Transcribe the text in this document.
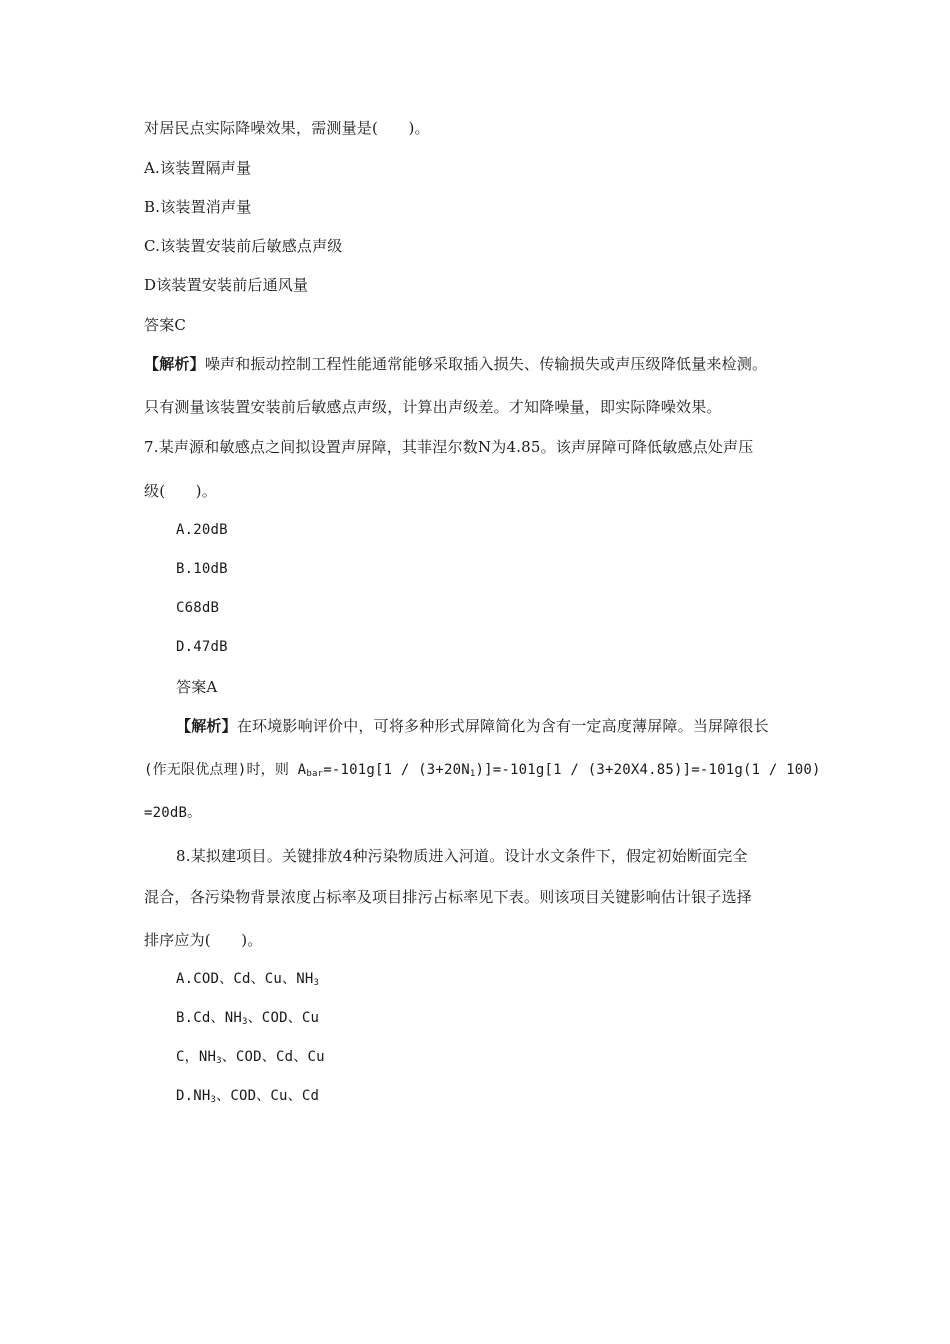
对居民点实际降噪效果，需测量是(　　)。
A.该装置隔声量
B.该装置消声量
C.该装置安装前后敏感点声级
D该装置安装前后通风量
答案C
【解析】噪声和振动控制工程性能通常能够采取插入损失、传输损失或声压级降低量来检测。
只有测量该装置安装前后敏感点声级，计算出声级差。才知降噪量，即实际降噪效果。
7.某声源和敏感点之间拟设置声屏障，其菲涅尔数N为4.85。该声屏障可降低敏感点处声压
级(　　)。
A.20dB
B.10dB
C68dB
D.47dB
答案A
【解析】在环境影响评价中，可将多种形式屏障简化为含有一定高度薄屏障。当屏障很长
(作无限优点理)时，则 $A_{bar}=-101g[1 / (3+20N_1)]=-101g[1 / (3+20X4.85)]=-101g(1 / 100)$
=20dB。
8.某拟建项目。关键排放4种污染物质进入河道。设计水文条件下，假定初始断面完全
混合，各污染物背景浓度占标率及项目排污占标率见下表。则该项目关键影响估计银子选择
排序应为(　　)。
A.COD、Cd、Cu、$NH_3$
B.Cd、$NH_3$、COD、Cu
C，$NH_3$、COD、Cd、Cu
$D.NH_3$、COD、Cu、Cd
